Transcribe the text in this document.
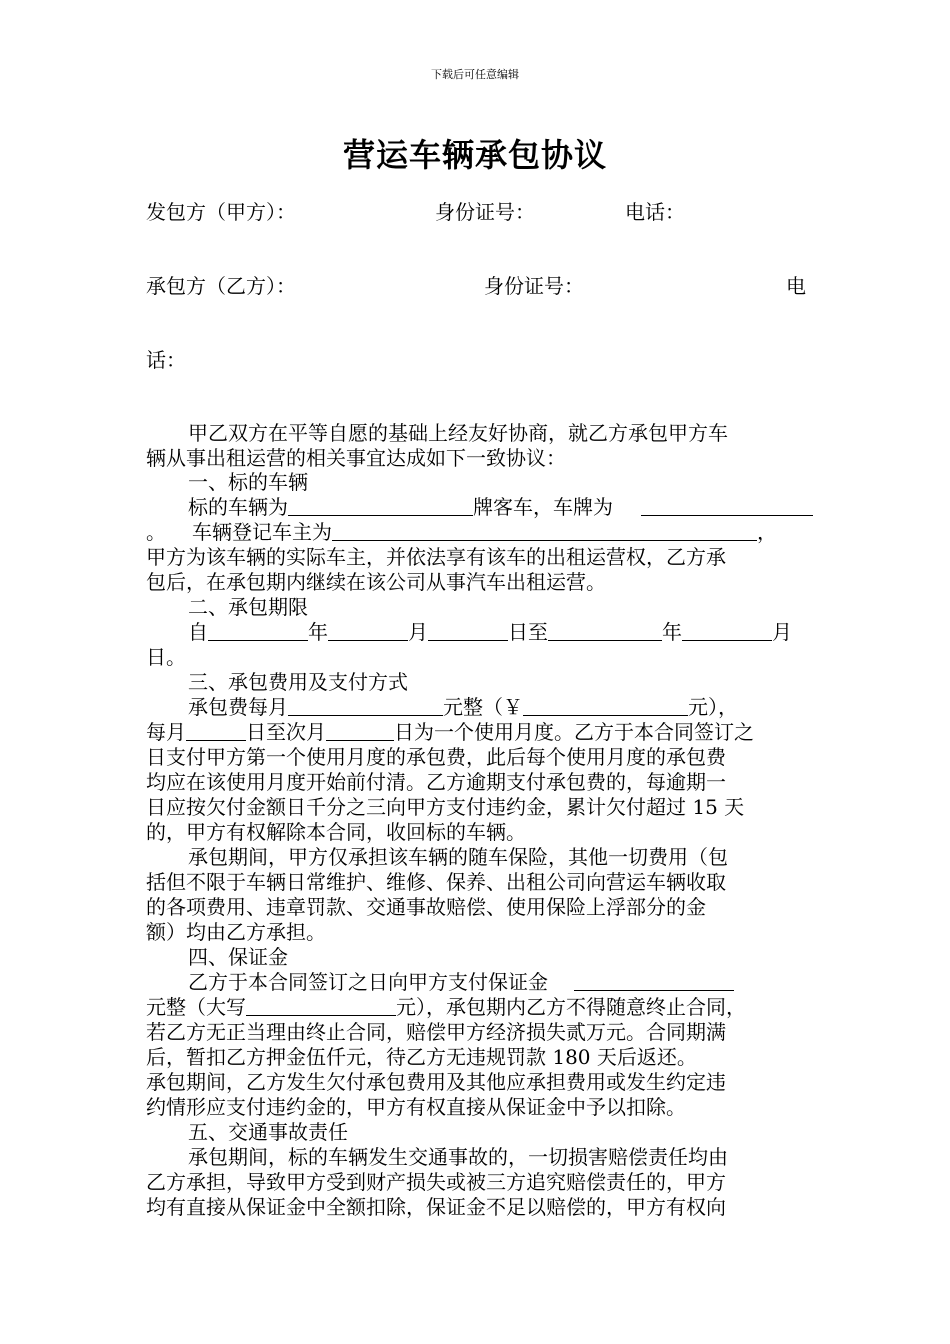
下载后可任意编辑
营运车辆承包协议
发包方（甲方）：	身份证号：	电话：
承包方（乙方）：	身份证号：	电
话：
甲乙双方在平等自愿的基础上经友好协商，就乙方承包甲方车
辆从事出租运营的相关事宜达成如下一致协议：
一、标的车辆
标的车辆为	牌客车，车牌为
。 车辆登记车主为	，
甲方为该车辆的实际车主，并依法享有该车的出租运营权，乙方承
包后，在承包期内继续在该公司从事汽车出租运营。
二、承包期限
自	年	月	日至	年	月
日。
三、承包费用及支付方式
承包费每月	元整（￥	元），
每月	日至次月	日为一个使用月度。乙方于本合同签订之
日支付甲方第一个使用月度的承包费，此后每个使用月度的承包费
均应在该使用月度开始前付清。乙方逾期支付承包费的，每逾期一
日应按欠付金额日千分之三向甲方支付违约金，累计欠付超过 15 天
的，甲方有权解除本合同，收回标的车辆。
承包期间，甲方仅承担该车辆的随车保险，其他一切费用（包
括但不限于车辆日常维护、维修、保养、出租公司向营运车辆收取
的各项费用、违章罚款、交通事故赔偿、使用保险上浮部分的金
额）均由乙方承担。
四、保证金
乙方于本合同签订之日向甲方支付保证金
元整（大写	元），承包期内乙方不得随意终止合同，
若乙方无正当理由终止合同，赔偿甲方经济损失贰万元。合同期满
后，暂扣乙方押金伍仟元，待乙方无违规罚款 180 天后返还。
承包期间，乙方发生欠付承包费用及其他应承担费用或发生约定违
约情形应支付违约金的，甲方有权直接从保证金中予以扣除。
五、交通事故责任
承包期间，标的车辆发生交通事故的，一切损害赔偿责任均由
乙方承担，导致甲方受到财产损失或被三方追究赔偿责任的，甲方
均有直接从保证金中全额扣除，保证金不足以赔偿的，甲方有权向
